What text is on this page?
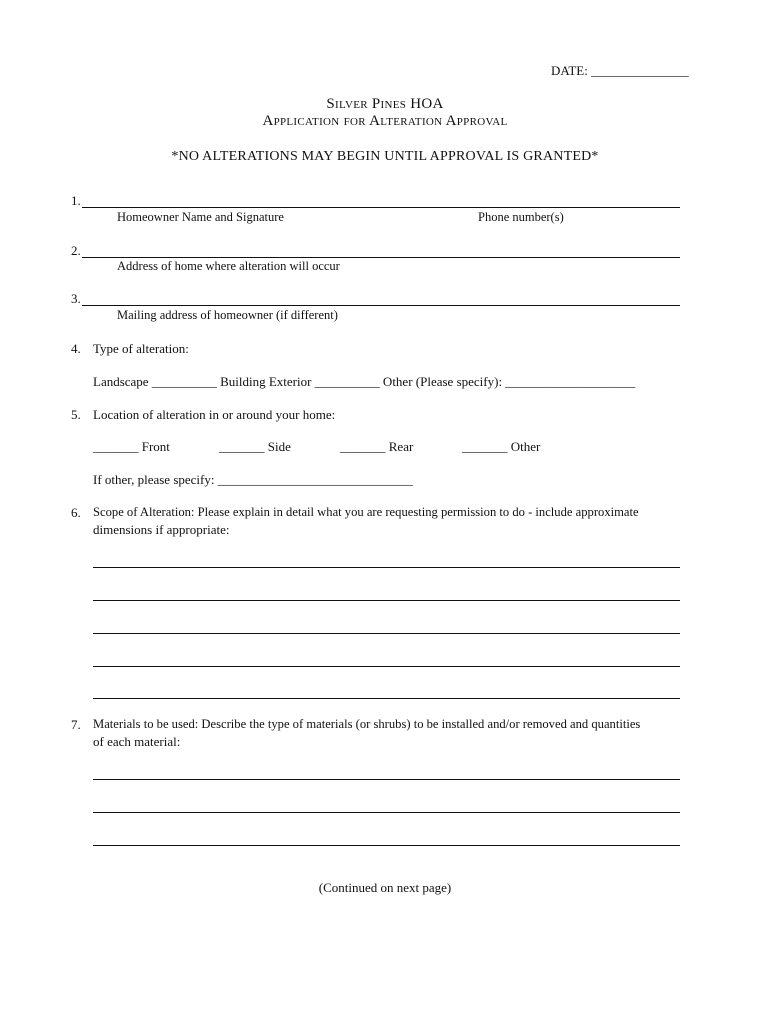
DATE: _______________
Silver Pines HOA
Application for Alteration Approval
*NO ALTERATIONS MAY BEGIN UNTIL APPROVAL IS GRANTED*
1.
Homeowner Name and Signature	Phone number(s)
2.
Address of home where alteration will occur
3.
Mailing address of homeowner (if different)
4. Type of alteration:
Landscape __________ Building Exterior __________ Other (Please specify): ____________________
5. Location of alteration in or around your home:
_______ Front	_______ Side	_______ Rear	_______ Other
If other, please specify: ______________________________
6. Scope of Alteration: Please explain in detail what you are requesting permission to do - include approximate
dimensions if appropriate:
7. Materials to be used: Describe the type of materials (or shrubs) to be installed and/or removed and quantities
of each material:
(Continued on next page)
